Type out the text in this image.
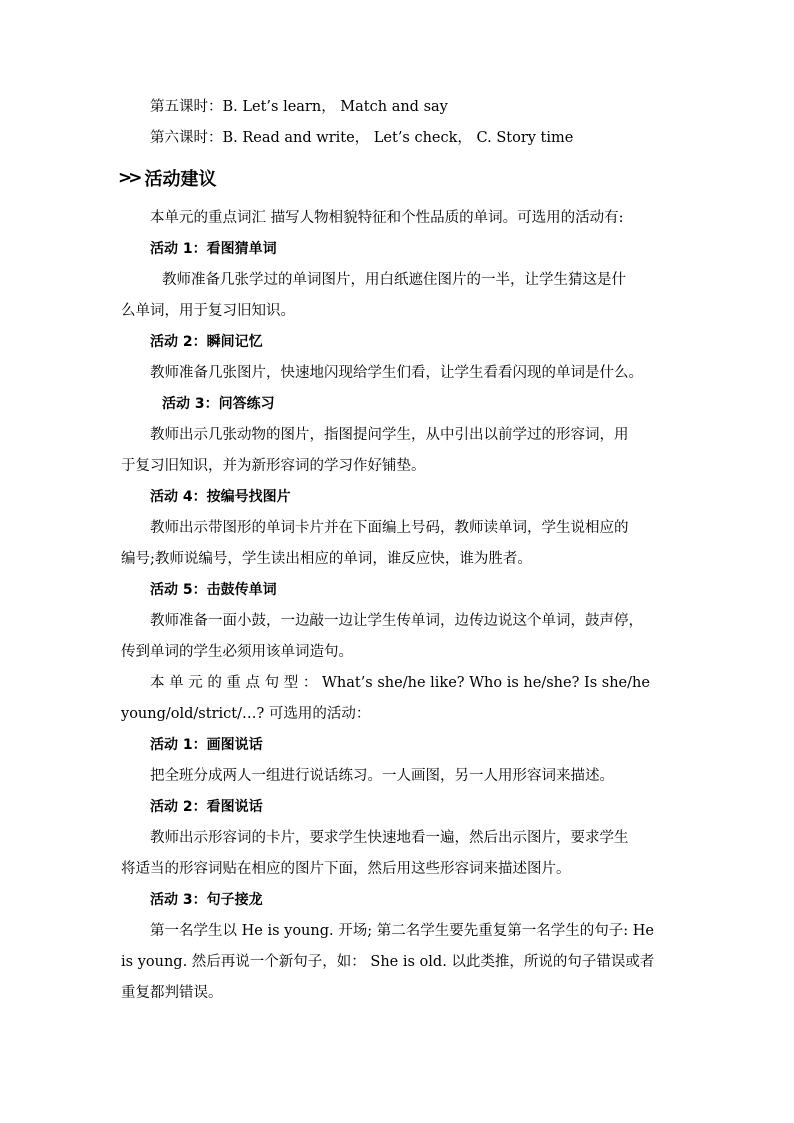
第五课时：B. Let’s learn， Match and say
第六课时：B. Read and write， Let’s check， C. Story time
>> 活动建议
本单元的重点词汇 描写人物相貌特征和个性品质的单词。可选用的活动有:
活动 1：看图猜单词
教师准备几张学过的单词图片，用白纸遮住图片的一半，让学生猜这是什
么单词，用于复习旧知识。
活动 2：瞬间记忆
教师准备几张图片，快速地闪现给学生们看，让学生看看闪现的单词是什么。
活动 3：问答练习
教师出示几张动物的图片，指图提问学生，从中引出以前学过的形容词，用
于复习旧知识，并为新形容词的学习作好铺垫。
活动 4：按编号找图片
教师出示带图形的单词卡片并在下面编上号码，教师读单词，学生说相应的
编号;教师说编号，学生读出相应的单词，谁反应快，谁为胜者。
活动 5：击鼓传单词
教师准备一面小鼓，一边敲一边让学生传单词，边传边说这个单词，鼓声停，
传到单词的学生必须用该单词造句。
本 单 元 的 重 点 句 型 ： What’s she/he like? Who is he/she? Is she/he
young/old/strict/…? 可选用的活动：
活动 1：画图说话
把全班分成两人一组进行说话练习。一人画图，另一人用形容词来描述。
活动 2：看图说话
教师出示形容词的卡片，要求学生快速地看一遍，然后出示图片，要求学生
将适当的形容词贴在相应的图片下面，然后用这些形容词来描述图片。
活动 3：句子接龙
第一名学生以 He is young. 开场; 第二名学生要先重复第一名学生的句子: He
is young. 然后再说一个新句子，如： She is old. 以此类推，所说的句子错误或者
重复都判错误。
